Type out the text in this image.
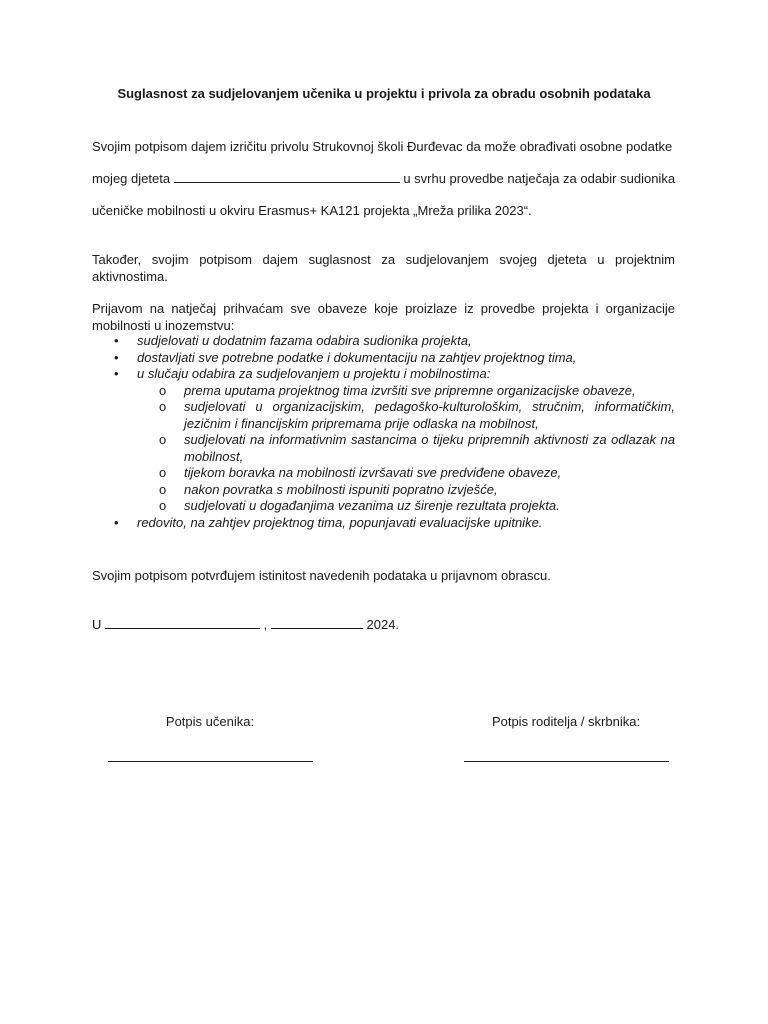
Suglasnost za sudjelovanjem učenika u projektu i privola za obradu osobnih podataka
Svojim potpisom dajem izričitu privolu Strukovnoj školi Đurđevac da može obrađivati osobne podatke
mojeg djeteta	u svrhu provedbe natječaja za odabir sudionika
učeničke mobilnosti u okviru Erasmus+ KA121 projekta „Mreža prilika 2023“.
Također, svojim potpisom dajem suglasnost za sudjelovanjem svojeg djeteta u projektnim aktivnostima.
Prijavom na natječaj prihvaćam sve obaveze koje proizlaze iz provedbe projekta i organizacije mobilnosti u inozemstvu:
• sudjelovati u dodatnim fazama odabira sudionika projekta,
• dostavljati sve potrebne podatke i dokumentaciju na zahtjev projektnog tima,
• u slučaju odabira za sudjelovanjem u projektu i mobilnostima:
o prema uputama projektnog tima izvršiti sve pripremne organizacijske obaveze,
o sudjelovati u organizacijskim, pedagoško-kulturološkim, stručnim, informatičkim, jezičnim i financijskim pripremama prije odlaska na mobilnost,
o sudjelovati na informativnim sastancima o tijeku pripremnih aktivnosti za odlazak na mobilnost,
o tijekom boravka na mobilnosti izvršavati sve predviđene obaveze,
o nakon povratka s mobilnosti ispuniti popratno izvješće,
o sudjelovati u događanjima vezanima uz širenje rezultata projekta.
• redovito, na zahtjev projektnog tima, popunjavati evaluacijske upitnike.
Svojim potpisom potvrđujem istinitost navedenih podataka u prijavnom obrascu.
U	,	2024.
Potpis učenika:	Potpis roditelja / skrbnika:
